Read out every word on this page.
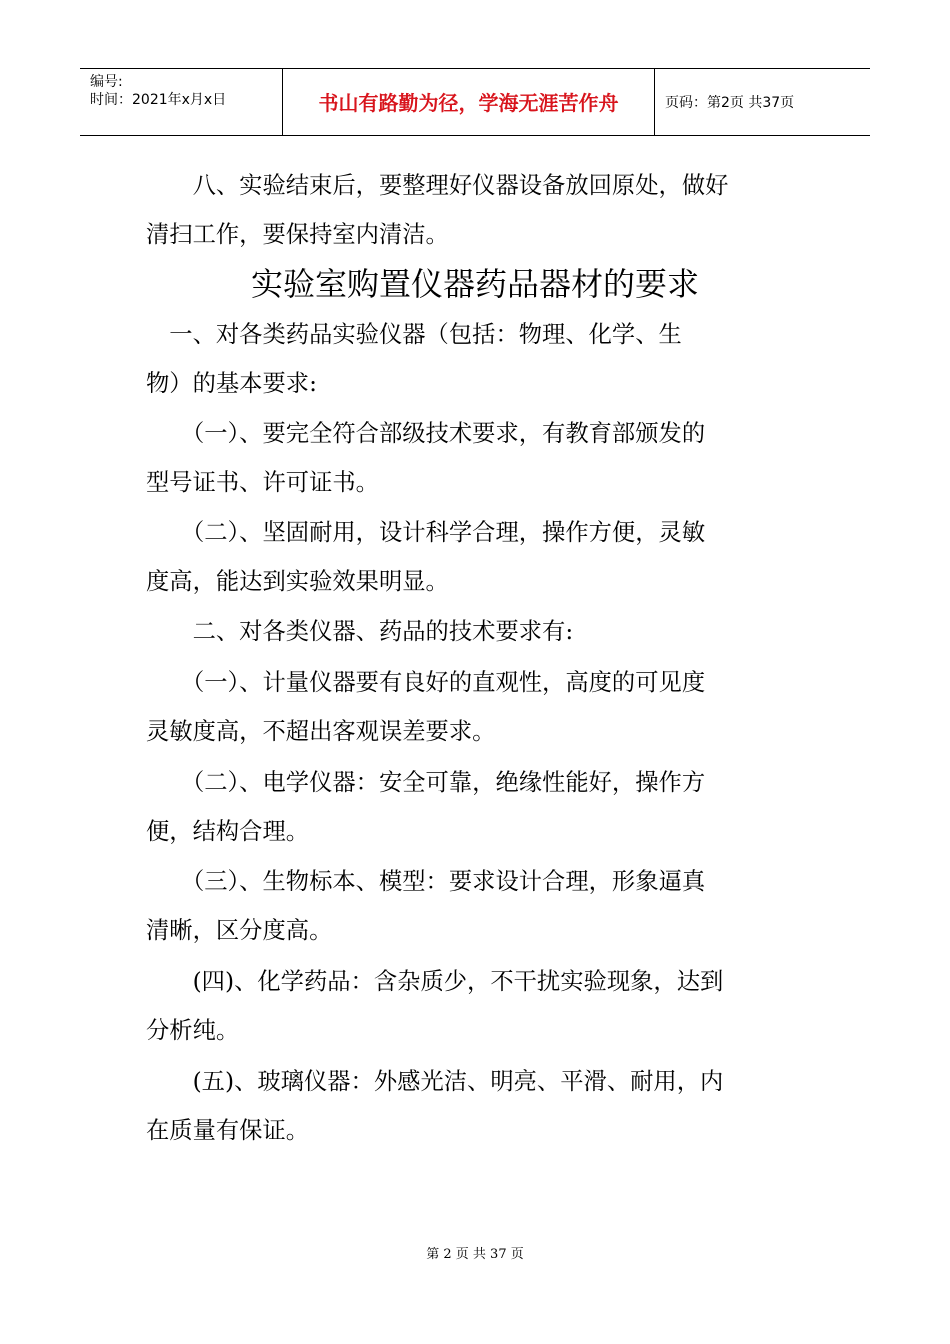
编号:
时间：2021年x月x日	书山有路勤为径，学海无涯苦作舟	页码：第2页 共37页
　　八、实验结束后，要整理好仪器设备放回原处，做好
清扫工作，要保持室内清洁。
实验室购置仪器药品器材的要求
　一、对各类药品实验仪器（包括：物理、化学、生
物）的基本要求:
　　（一）、要完全符合部级技术要求，有教育部颁发的
型号证书、许可证书。
　　（二）、坚固耐用，设计科学合理，操作方便，灵敏
度高，能达到实验效果明显。
　　二、对各类仪器、药品的技术要求有:
　　（一）、计量仪器要有良好的直观性，高度的可见度
灵敏度高，不超出客观误差要求。
　　（二）、电学仪器：安全可靠，绝缘性能好，操作方
便，结构合理。
　　（三）、生物标本、模型：要求设计合理，形象逼真
清晰，区分度高。
　　(四)、化学药品：含杂质少，不干扰实验现象，达到
分析纯。
　　(五)、玻璃仪器：外感光洁、明亮、平滑、耐用，内
在质量有保证。
第 2 页 共 37 页
